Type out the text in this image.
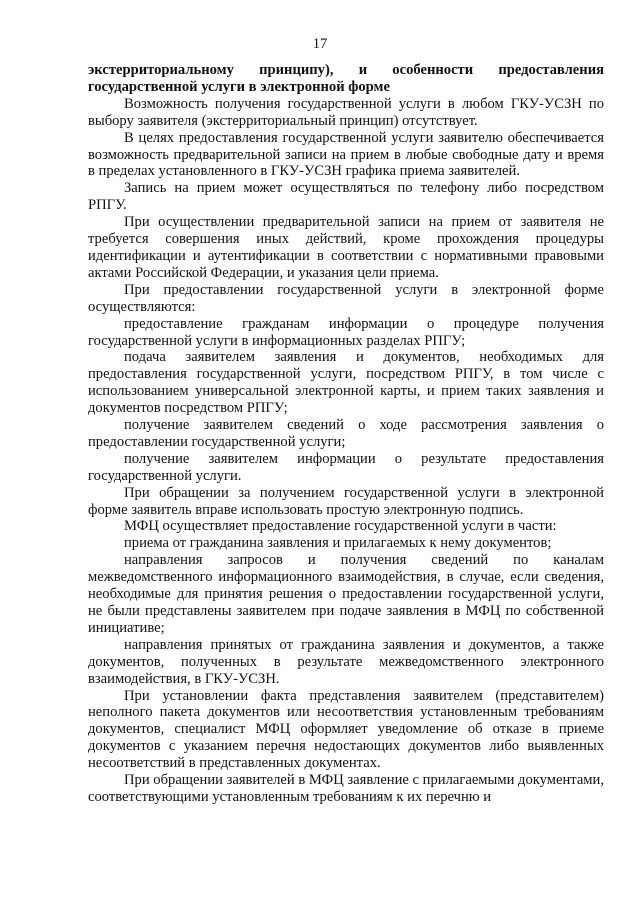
17

экстерриториальному принципу), и особенности предоставления государственной услуги в электронной форме

Возможность получения государственной услуги в любом ГКУ-УСЗН по выбору заявителя (экстерриториальный принцип) отсутствует.

В целях предоставления государственной услуги заявителю обеспечивается возможность предварительной записи на прием в любые свободные дату и время в пределах установленного в ГКУ-УСЗН графика приема заявителей.

Запись на прием может осуществляться по телефону либо посредством РПГУ.

При осуществлении предварительной записи на прием от заявителя не требуется совершения иных действий, кроме прохождения процедуры идентификации и аутентификации в соответствии с нормативными правовыми актами Российской Федерации, и указания цели приема.

При предоставлении государственной услуги в электронной форме осуществляются:

предоставление гражданам информации о процедуре получения государственной услуги в информационных разделах РПГУ;

подача заявителем заявления и документов, необходимых для предоставления государственной услуги, посредством РПГУ, в том числе с использованием универсальной электронной карты, и прием таких заявления и документов посредством РПГУ;

получение заявителем сведений о ходе рассмотрения заявления о предоставлении государственной услуги;

получение заявителем информации о результате предоставления государственной услуги.

При обращении за получением государственной услуги в электронной форме заявитель вправе использовать простую электронную подпись.

МФЦ осуществляет предоставление государственной услуги в части:

приема от гражданина заявления и прилагаемых к нему документов;

направления запросов и получения сведений по каналам межведомственного информационного взаимодействия, в случае, если сведения, необходимые для принятия решения о предоставлении государственной услуги, не были представлены заявителем при подаче заявления в МФЦ по собственной инициативе;

направления принятых от гражданина заявления и документов, а также документов, полученных в результате межведомственного электронного взаимодействия, в ГКУ-УСЗН.

При установлении факта представления заявителем (представителем) неполного пакета документов или несоответствия установленным требованиям документов, специалист МФЦ оформляет уведомление об отказе в приеме документов с указанием перечня недостающих документов либо выявленных несоответствий в представленных документах.

При обращении заявителей в МФЦ заявление с прилагаемыми документами, соответствующими установленным требованиям к их перечню и
